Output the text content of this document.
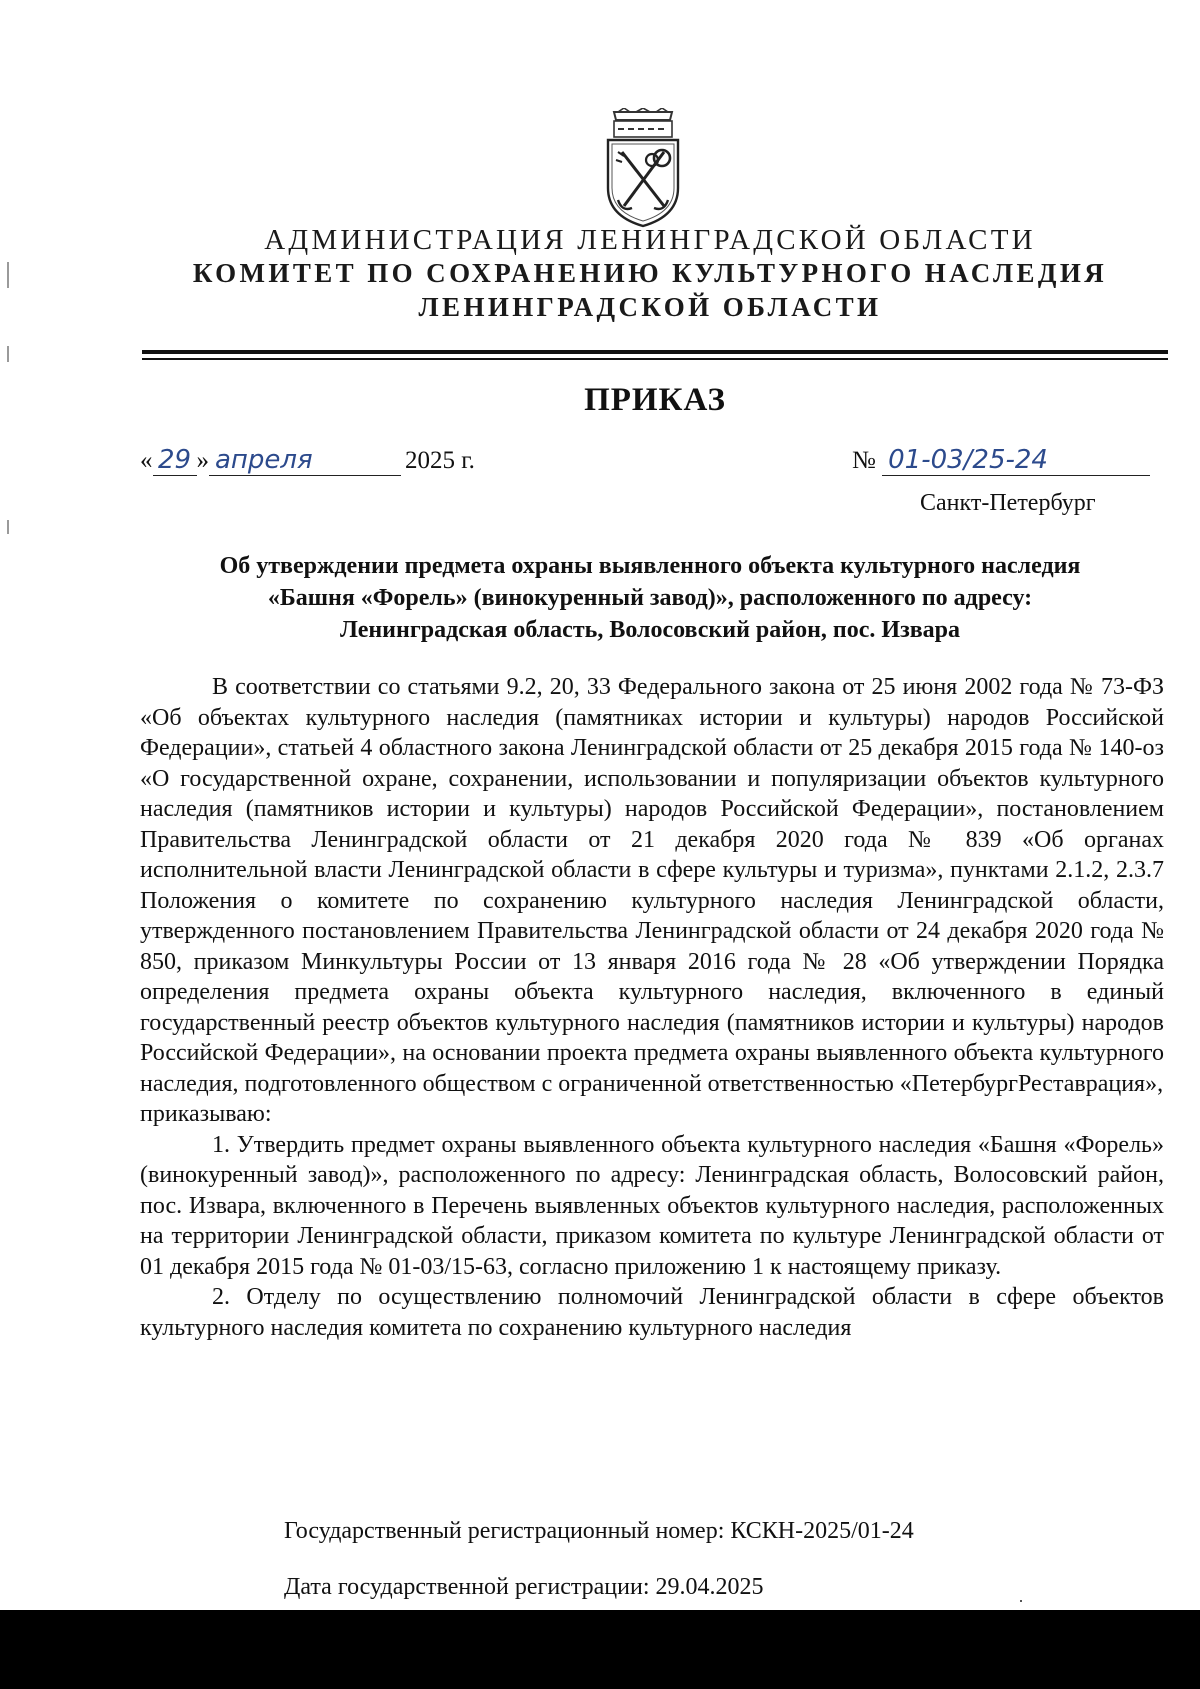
АДМИНИСТРАЦИЯ ЛЕНИНГРАДСКОЙ ОБЛАСТИ
КОМИТЕТ ПО СОХРАНЕНИЮ КУЛЬТУРНОГО НАСЛЕДИЯ
ЛЕНИНГРАДСКОЙ ОБЛАСТИ
ПРИКАЗ
« 29 » апреля	2025 г.	№ 01-03/25-24
Санкт-Петербург
Об утверждении предмета охраны выявленного объекта культурного наследия
«Башня «Форель» (винокуренный завод)», расположенного по адресу:
Ленинградская область, Волосовский район, пос. Извара

В соответствии со статьями 9.2, 20, 33 Федерального закона от 25 июня 2002 года № 73-ФЗ «Об объектах культурного наследия (памятниках истории и культуры) народов Российской Федерации», статьей 4 областного закона Ленинградской области от 25 декабря 2015 года № 140-оз «О государственной охране, сохранении, использовании и популяризации объектов культурного наследия (памятников истории и культуры) народов Российской Федерации», постановлением Правительства Ленинградской области от 21 декабря 2020 года № 839 «Об органах исполнительной власти Ленинградской области в сфере культуры и туризма», пунктами 2.1.2, 2.3.7 Положения о комитете по сохранению культурного наследия Ленинградской области, утвержденного постановлением Правительства Ленинградской области от 24 декабря 2020 года № 850, приказом Минкультуры России от 13 января 2016 года № 28 «Об утверждении Порядка определения предмета охраны объекта культурного наследия, включенного в единый государственный реестр объектов культурного наследия (памятников истории и культуры) народов Российской Федерации», на основании проекта предмета охраны выявленного объекта культурного наследия, подготовленного обществом с ограниченной ответственностью «ПетербургРеставрация»,

приказываю:

1. Утвердить предмет охраны выявленного объекта культурного наследия «Башня «Форель» (винокуренный завод)», расположенного по адресу: Ленинградская область, Волосовский район, пос. Извара, включенного в Перечень выявленных объектов культурного наследия, расположенных на территории Ленинградской области, приказом комитета по культуре Ленинградской области от 01 декабря 2015 года № 01-03/15-63, согласно приложению 1 к настоящему приказу.

2. Отделу по осуществлению полномочий Ленинградской области в сфере объектов культурного наследия комитета по сохранению культурного наследия

Государственный регистрационный номер: КСКН-2025/01-24
Дата государственной регистрации: 29.04.2025
